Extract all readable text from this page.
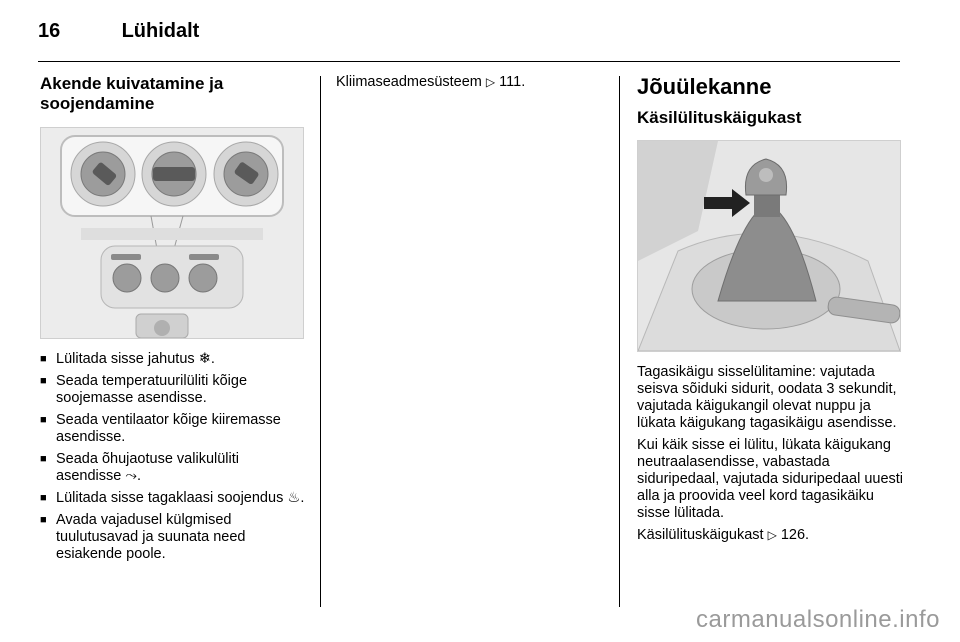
16	Lühidalt
Akende kuivatamine ja soojendamine
■ Lülitada sisse jahutus ❄.
■ Seada temperatuurilüliti kõige soojemasse asendisse.
■ Seada ventilaator kõige kiiremasse asendisse.
■ Seada õhujaotuse valikulüliti asendisse ⤳.
■ Lülitada sisse tagaklaasi soojendus ♨.
■ Avada vajadusel külgmised tuulutusavad ja suunata need esiakende poole.

Kliimaseadmesüsteem ▷ 111.	Jõuülekanne
Käsilülituskäigukast

Tagasikäigu sisselülitamine: vajutada seisva sõiduki sidurit, oodata 3 sekundit, vajutada käigukangil olevat nuppu ja lükata käigukang tagasikäigu asendisse.

Kui käik sisse ei lülitu, lükata käigukang neutraalasendisse, vabastada siduripedaal, vajutada siduripedaal uuesti alla ja proovida veel kord tagasikäiku sisse lülitada.

Käsilülituskäigukast ▷ 126.

carmanualsonline.info
